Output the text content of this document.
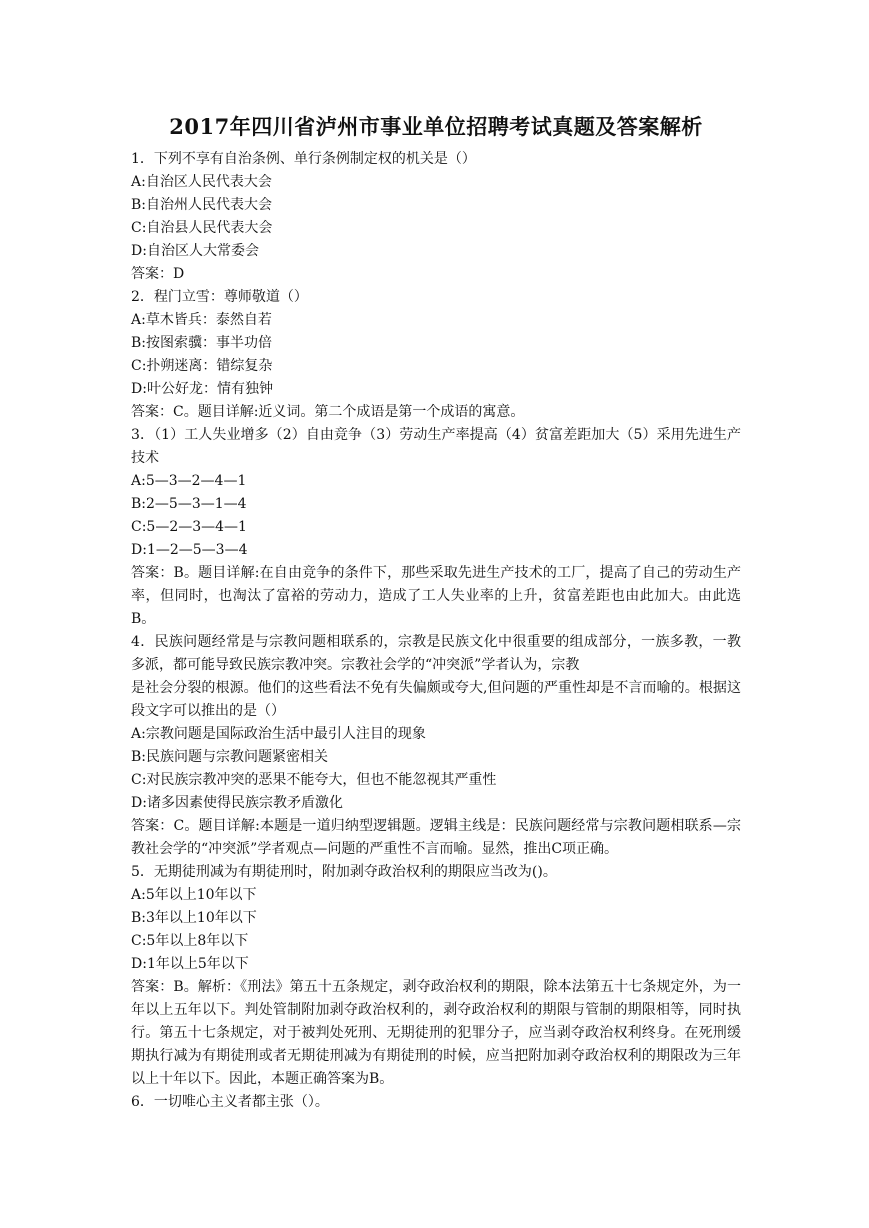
2017年四川省泸州市事业单位招聘考试真题及答案解析
1．下列不享有自治条例、单行条例制定权的机关是（）
A:自治区人民代表大会
B:自治州人民代表大会
C:自治县人民代表大会
D:自治区人大常委会
答案：D
2．程门立雪：尊师敬道（）
A:草木皆兵：泰然自若
B:按图索骥：事半功倍
C:扑朔迷离：错综复杂
D:叶公好龙：情有独钟
答案：C。题目详解:近义词。第二个成语是第一个成语的寓意。
3．（1）工人失业增多（2）自由竞争（3）劳动生产率提高（4）贫富差距加大（5）采用先进生产技术
A:5—3—2—4—1
B:2—5—3—1—4
C:5—2—3—4—1
D:1—2—5—3—4
答案：B。题目详解:在自由竞争的条件下，那些采取先进生产技术的工厂，提高了自己的劳动生产率，但同时，也淘汰了富裕的劳动力，造成了工人失业率的上升，贫富差距也由此加大。由此选B。
4．民族问题经常是与宗教问题相联系的，宗教是民族文化中很重要的组成部分，一族多教，一教多派，都可能导致民族宗教冲突。宗教社会学的“冲突派”学者认为，宗教
是社会分裂的根源。他们的这些看法不免有失偏颇或夸大,但问题的严重性却是不言而喻的。根据这段文字可以推出的是（）
A:宗教问题是国际政治生活中最引人注目的现象
B:民族问题与宗教问题紧密相关
C:对民族宗教冲突的恶果不能夸大，但也不能忽视其严重性
D:诸多因素使得民族宗教矛盾激化
答案：C。题目详解:本题是一道归纳型逻辑题。逻辑主线是：民族问题经常与宗教问题相联系—宗教社会学的“冲突派”学者观点—问题的严重性不言而喻。显然，推出C项正确。
5．无期徒刑减为有期徒刑时，附加剥夺政治权利的期限应当改为()。
A:5年以上10年以下
B:3年以上10年以下
C:5年以上8年以下
D:1年以上5年以下
答案：B。解析：《刑法》第五十五条规定，剥夺政治权利的期限，除本法第五十七条规定外，为一年以上五年以下。判处管制附加剥夺政治权利的，剥夺政治权利的期限与管制的期限相等，同时执行。第五十七条规定，对于被判处死刑、无期徒刑的犯罪分子，应当剥夺政治权利终身。在死刑缓期执行减为有期徒刑或者无期徒刑减为有期徒刑的时候，应当把附加剥夺政治权利的期限改为三年以上十年以下。因此，本题正确答案为B。
6．一切唯心主义者都主张（）。
